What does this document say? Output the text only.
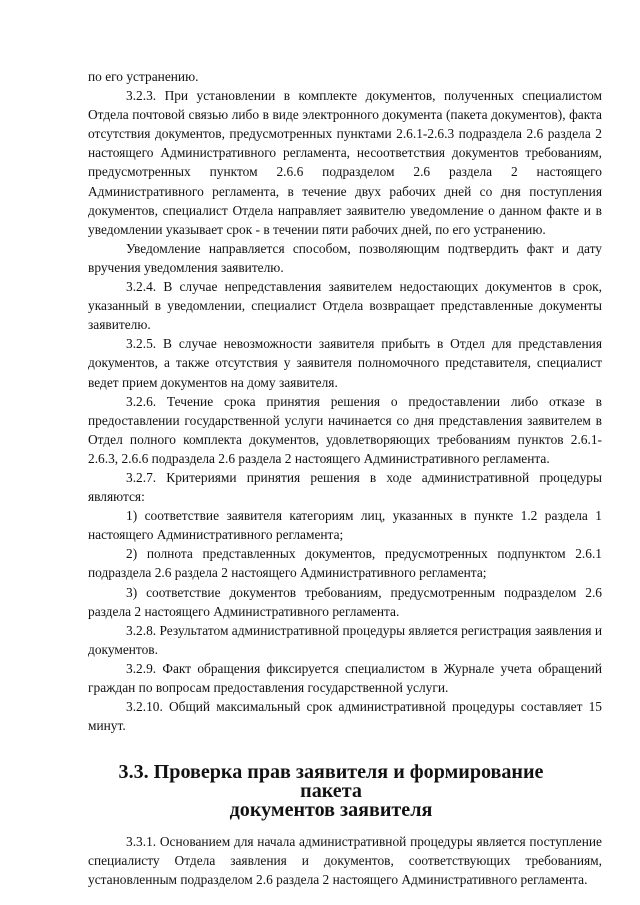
по его устранению.

3.2.3. При установлении в комплекте документов, полученных специалистом Отдела почтовой связью либо в виде электронного документа (пакета документов), факта отсутствия документов, предусмотренных пунктами 2.6.1-2.6.3 подраздела 2.6 раздела 2 настоящего Административного регламента, несоответствия документов требованиям, предусмотренных пунктом 2.6.6 подразделом 2.6 раздела 2 настоящего Административного регламента, в течение двух рабочих дней со дня поступления документов, специалист Отдела направляет заявителю уведомление о данном факте и в уведомлении указывает срок - в течении пяти рабочих дней, по его устранению.

Уведомление направляется способом, позволяющим подтвердить факт и дату вручения уведомления заявителю.

3.2.4. В случае непредставления заявителем недостающих документов в срок, указанный в уведомлении, специалист Отдела возвращает представленные документы заявителю.

3.2.5. В случае невозможности заявителя прибыть в Отдел для представления документов, а также отсутствия у заявителя полномочного представителя, специалист ведет прием документов на дому заявителя.

3.2.6. Течение срока принятия решения о предоставлении либо отказе в предоставлении государственной услуги начинается со дня представления заявителем в Отдел полного комплекта документов, удовлетворяющих требованиям пунктов 2.6.1-2.6.3, 2.6.6 подраздела 2.6 раздела 2 настоящего Административного регламента.

3.2.7. Критериями принятия решения в ходе административной процедуры являются:

1) соответствие заявителя категориям лиц, указанных в пункте 1.2 раздела 1 настоящего Административного регламента;

2) полнота представленных документов, предусмотренных подпунктом 2.6.1 подраздела 2.6 раздела 2 настоящего Административного регламента;

3) соответствие документов требованиям, предусмотренным подразделом 2.6 раздела 2 настоящего Административного регламента.

3.2.8. Результатом административной процедуры является регистрация заявления и документов.

3.2.9. Факт обращения фиксируется специалистом в Журнале учета обращений граждан по вопросам предоставления государственной услуги.

3.2.10. Общий максимальный срок административной процедуры составляет 15 минут.

3.3. Проверка прав заявителя и формирование пакета
документов заявителя

3.3.1. Основанием для начала административной процедуры является поступление специалисту Отдела заявления и документов, соответствующих требованиям, установленным подразделом 2.6 раздела 2 настоящего Административного регламента.
